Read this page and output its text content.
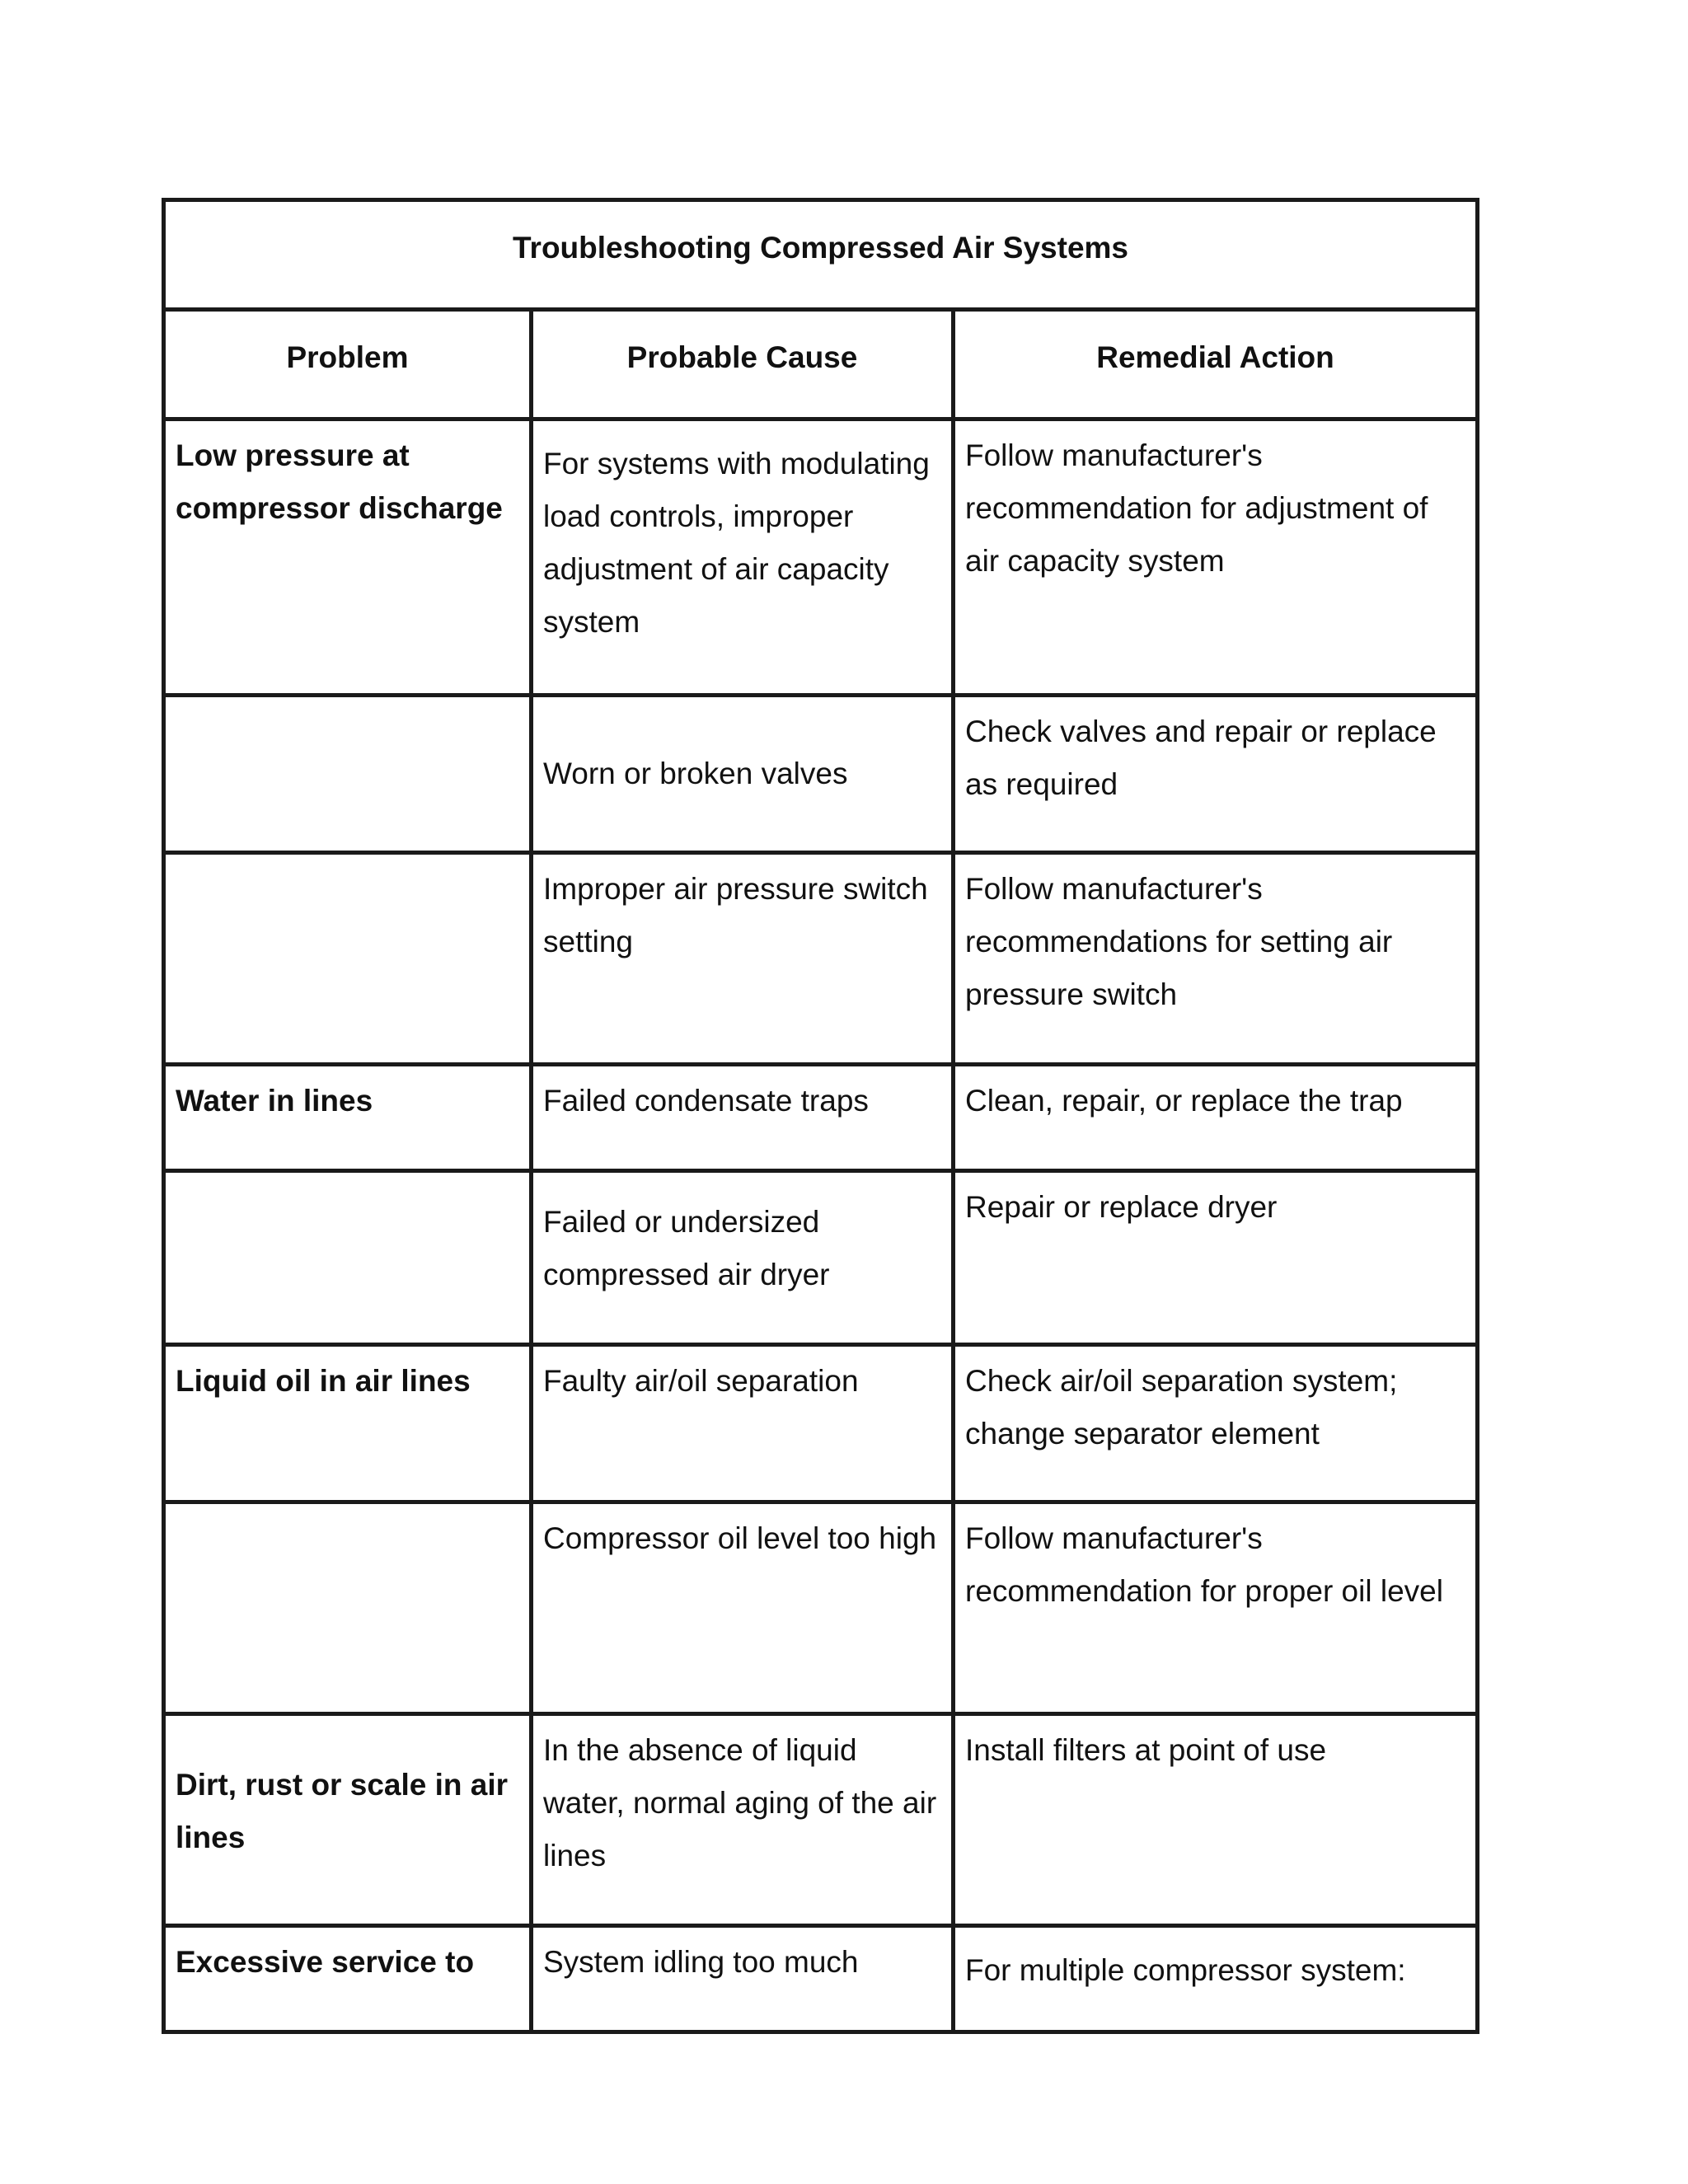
Troubleshooting Compressed Air Systems		
Problem	Probable Cause	Remedial Action

Low pressure at compressor discharge	For systems with modulating load controls, improper adjustment of air capacity system	Follow manufacturer's recommendation for adjustment of air capacity system

	Worn or broken valves	Check valves and repair or replace as required

	Improper air pressure switch setting	Follow manufacturer's recommendations for setting air pressure switch

Water in lines	Failed condensate traps	Clean, repair, or replace the trap

	Failed or undersized compressed air dryer	Repair or replace dryer

Liquid oil in air lines	Faulty air/oil separation	Check air/oil separation system; change separator element

	Compressor oil level too high	Follow manufacturer's recommendation for proper oil level

Dirt, rust or scale in air lines	In the absence of liquid water, normal aging of the air lines	Install filters at point of use

Excessive service to	System idling too much	For multiple compressor system:
